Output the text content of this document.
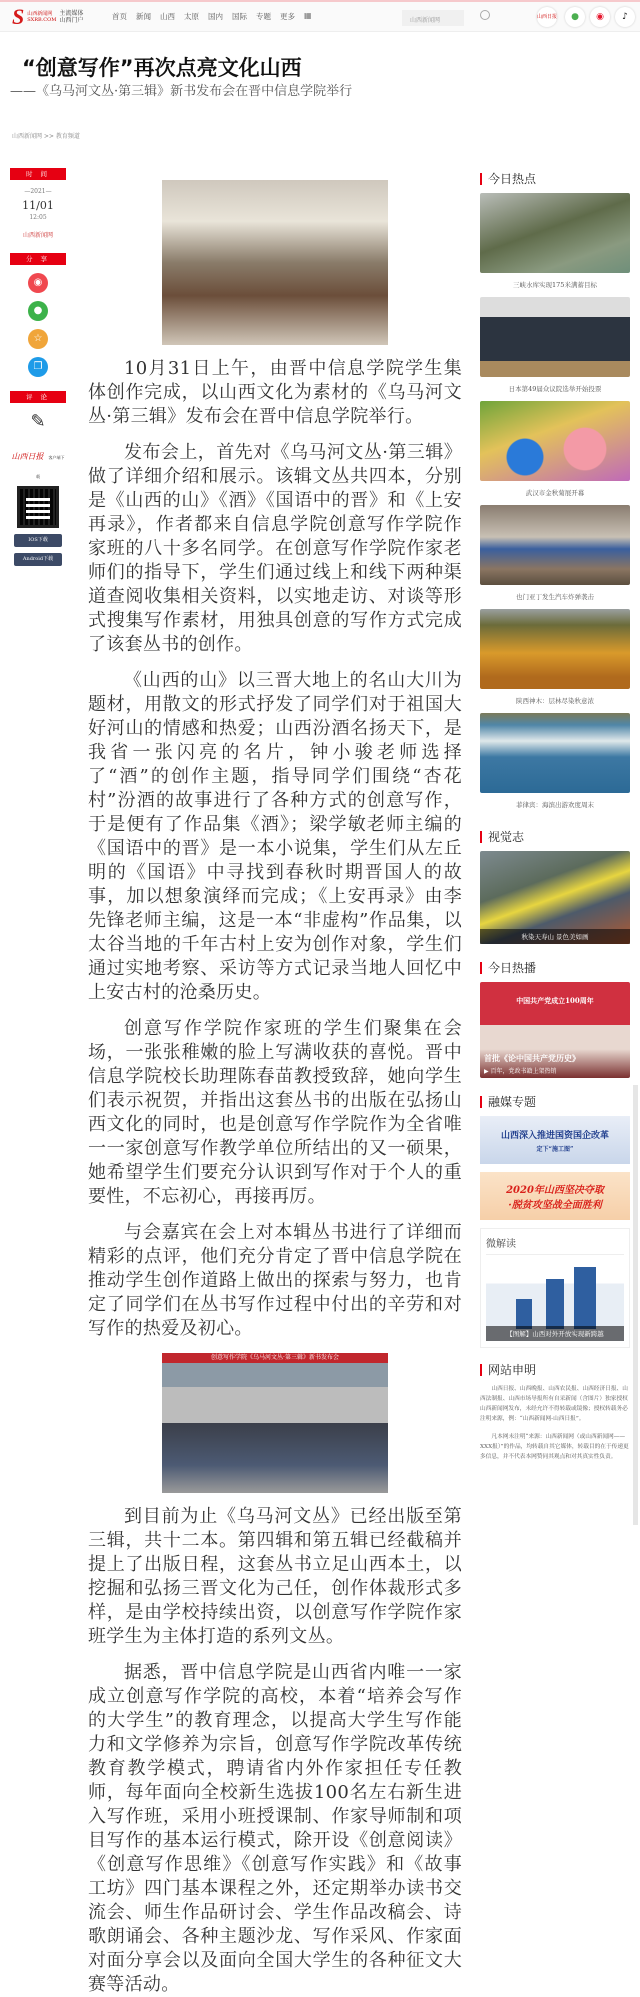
S 山西新闻网
SXRB.COM
主流媒体
山西门户	首页 新闻 山西 太原 国内 国际 专题 更多 ▦
山西新闻网	山西日报	●	◉	♪
“创意写作”再次点亮文化山西
——《乌马河文丛·第三辑》新书发布会在晋中信息学院举行
山西新闻网 >> 教育频道
时 间
—2021—
11/01
12:05
山西新闻网
分 享
◉
●
☆
❐
评 论
✎
山西日报 客户端下载
IOS下载
Android下载

10月31日上午，由晋中信息学院学生集体创作完成，以山西文化为素材的《乌马河文丛·第三辑》发布会在晋中信息学院举行。

发布会上，首先对《乌马河文丛·第三辑》做了详细介绍和展示。该辑文丛共四本，分别是《山西的山》《酒》《国语中的晋》和《上安再录》，作者都来自信息学院创意写作学院作家班的八十多名同学。在创意写作学院作家老师们的指导下，学生们通过线上和线下两种渠道查阅收集相关资料，以实地走访、对谈等形式搜集写作素材，用独具创意的写作方式完成了该套丛书的创作。

《山西的山》以三晋大地上的名山大川为题材，用散文的形式抒发了同学们对于祖国大好河山的情感和热爱；山西汾酒名扬天下，是我省一张闪亮的名片，钟小骏老师选择了“酒”的创作主题，指导同学们围绕“杏花村”汾酒的故事进行了各种方式的创意写作，于是便有了作品集《酒》；梁学敏老师主编的《国语中的晋》是一本小说集，学生们从左丘明的《国语》中寻找到春秋时期晋国人的故事，加以想象演绎而完成；《上安再录》由李先锋老师主编，这是一本“非虚构”作品集，以太谷当地的千年古村上安为创作对象，学生们通过实地考察、采访等方式记录当地人回忆中上安古村的沧桑历史。

创意写作学院作家班的学生们聚集在会场，一张张稚嫩的脸上写满收获的喜悦。晋中信息学院校长助理陈春苗教授致辞，她向学生们表示祝贺，并指出这套丛书的出版在弘扬山西文化的同时，也是创意写作学院作为全省唯一一家创意写作教学单位所结出的又一硕果，她希望学生们要充分认识到写作对于个人的重要性，不忘初心，再接再厉。

与会嘉宾在会上对本辑丛书进行了详细而精彩的点评，他们充分肯定了晋中信息学院在推动学生创作道路上做出的探索与努力，也肯定了同学们在丛书写作过程中付出的辛劳和对写作的热爱及初心。

创意写作学院《乌马河文丛·第三辑》新书发布会

到目前为止《乌马河文丛》已经出版至第三辑，共十二本。第四辑和第五辑已经截稿并提上了出版日程，这套丛书立足山西本土，以挖掘和弘扬三晋文化为己任，创作体裁形式多样，是由学校持续出资，以创意写作学院作家班学生为主体打造的系列文丛。

据悉，晋中信息学院是山西省内唯一一家成立创意写作学院的高校，本着“培养会写作的大学生”的教育理念，以提高大学生写作能力和文学修养为宗旨，创意写作学院改革传统教育教学模式，聘请省内外作家担任专任教师，每年面向全校新生选拔100名左右新生进入写作班，采用小班授课制、作家导师制和项目写作的基本运行模式，除开设《创意阅读》《创意写作思维》《创意写作实践》和《故事工坊》四门基本课程之外，还定期举办读书交流会、师生作品研讨会、学生作品改稿会、诗歌朗诵会、各种主题沙龙、写作采风、作家面对面分享会以及面向全国大学生的各种征文大赛等活动。

今日热点
三峡水库实现175米满蓄目标
日本第49届众议院选举开始投票
武汉市金秋菊展开幕
也门亚丁发生汽车炸弹袭击
陕西神木：层林尽染秋意浓
菲律宾：海滨出游欢度周末
视觉志
秋染天寿山 景色美如画
今日热播
中国共产党成立100周年
首批《论中国共产党历史》
▶ 百年，党政书籍上架热销
融媒专题
山西深入推进国资国企改革
定下“施工图”
2020年山西坚决夺取
·脱贫攻坚战全面胜利
微解读
【图解】山西对外开放实现新跨越
网站申明

山西日报、山西晚报、山西农民报、山西经济日报、山西法制报、山西市场导报所有自采新闻（含图片）独家授权山西新闻网发布，未经允许不得转载或镜像；授权转载务必注明来源，例：“山西新闻网-山西日报”。

凡本网未注明“来源：山西新闻网（或山西新闻网——XXX报）”的作品，均转载自其它媒体，转载目的在于传递更多信息，并不代表本网赞同其观点和对其真实性负责。
